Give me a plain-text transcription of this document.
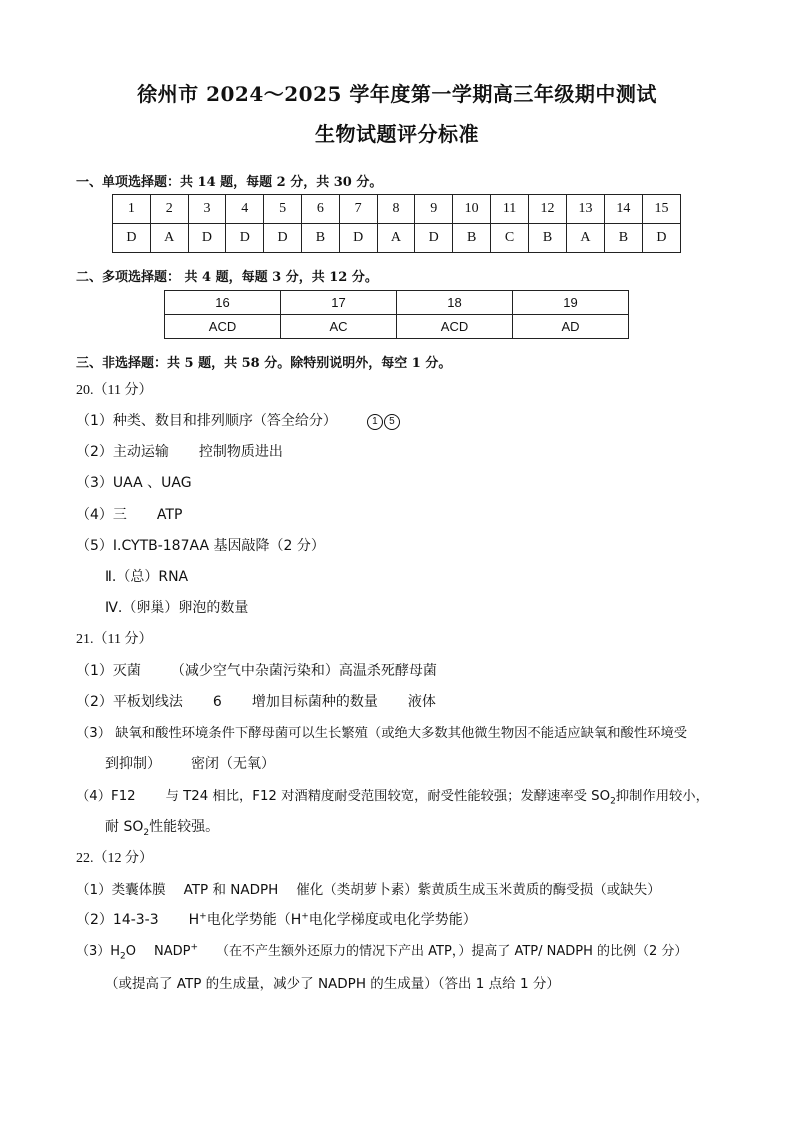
徐州市 2024～2025 学年度第一学期高三年级期中测试
生物试题评分标准
一、单项选择题：共 14 题，每题 2 分，共 30 分。
1	2	3	4	5	6	7	8	9	10	11	12	13	14	15
D	A	D	D	D	B	D	A	D	B	C	B	A	B	D
二、多项选择题： 共 4 题，每题 3 分，共 12 分。
16	17	18	19
ACD	AC	ACD	AD
三、非选择题：共 5 题，共 58 分。除特别说明外，每空 1 分。
20.（11 分）
（1）种类、数目和排列顺序（答全给分）	1 5
（2）主动运输 控制物质进出
（3）UAA 、UAG
（4）三 ATP
（5）Ⅰ.CYTB-187AA 基因敲降（2 分）
Ⅱ.（总）RNA
Ⅳ.（卵巢）卵泡的数量
21.（11 分）
（1）灭菌 （减少空气中杂菌污染和）高温杀死酵母菌
（2）平板划线法 6 增加目标菌种的数量 液体
（3） 缺氧和酸性环境条件下酵母菌可以生长繁殖（或绝大多数其他微生物因不能适应缺氧和酸性环境受
到抑制） 密闭（无氧）
（4）F12 与 T24 相比，F12 对酒精度耐受范围较宽，耐受性能较强；发酵速率受 $SO_2$抑制作用较小，
耐 $SO_2$性能较强。
22.（12 分）
（1）类囊体膜 ATP 和 NADPH 催化（类胡萝卜素）紫黄质生成玉米黄质的酶受损（或缺失）
（2）14-3-3 H+电化学势能（H+电化学梯度或电化学势能）
$(3)H_2O$ NADP+ （在不产生额外还原力的情况下产出 ATP，）提高了 ATP/ NADPH 的比例（2 分）
（或提高了 ATP 的生成量，减少了 NADPH 的生成量）（答出 1 点给 1 分）
